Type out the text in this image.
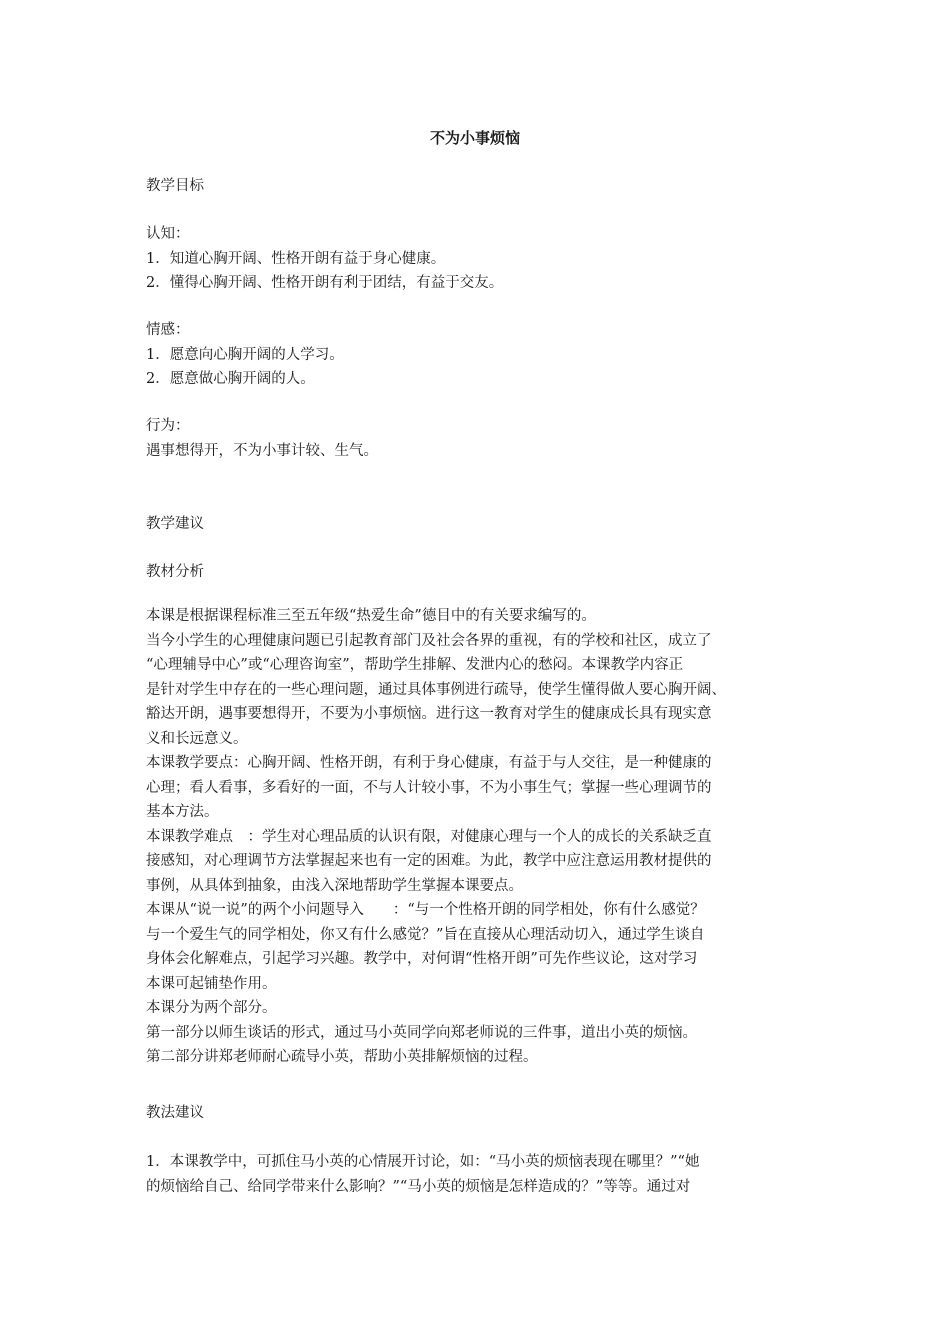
不为小事烦恼
教学目标
认知：
1．知道心胸开阔、性格开朗有益于身心健康。
2．懂得心胸开阔、性格开朗有利于团结，有益于交友。
情感：
1．愿意向心胸开阔的人学习。
2．愿意做心胸开阔的人。
行为：
遇事想得开，不为小事计较、生气。
教学建议
教材分析
本课是根据课程标准三至五年级“热爱生命”德目中的有关要求编写的。
当今小学生的心理健康问题已引起教育部门及社会各界的重视，有的学校和社区，成立了
“心理辅导中心”或“心理咨询室”，帮助学生排解、发泄内心的愁闷。本课教学内容正
是针对学生中存在的一些心理问题，通过具体事例进行疏导，使学生懂得做人要心胸开阔、
豁达开朗，遇事要想得开，不要为小事烦恼。进行这一教育对学生的健康成长具有现实意
义和长远意义。
本课教学要点：心胸开阔、性格开朗，有利于身心健康，有益于与人交往，是一种健康的
心理；看人看事，多看好的一面，不与人计较小事，不为小事生气；掌握一些心理调节的
基本方法。
本课教学难点　：学生对心理品质的认识有限，对健康心理与一个人的成长的关系缺乏直
接感知，对心理调节方法掌握起来也有一定的困难。为此，教学中应注意运用教材提供的
事例，从具体到抽象，由浅入深地帮助学生掌握本课要点。
本课从“说一说”的两个小问题导入　　：“与一个性格开朗的同学相处，你有什么感觉？
与一个爱生气的同学相处，你又有什么感觉？”旨在直接从心理活动切入，通过学生谈自
身体会化解难点，引起学习兴趣。教学中，对何谓“性格开朗”可先作些议论，这对学习
本课可起铺垫作用。
本课分为两个部分。
第一部分以师生谈话的形式，通过马小英同学向郑老师说的三件事，道出小英的烦恼。
第二部分讲郑老师耐心疏导小英，帮助小英排解烦恼的过程。
教法建议
1．本课教学中，可抓住马小英的心情展开讨论，如：“马小英的烦恼表现在哪里？”“她
的烦恼给自己、给同学带来什么影响？”“马小英的烦恼是怎样造成的？”等等。通过对
